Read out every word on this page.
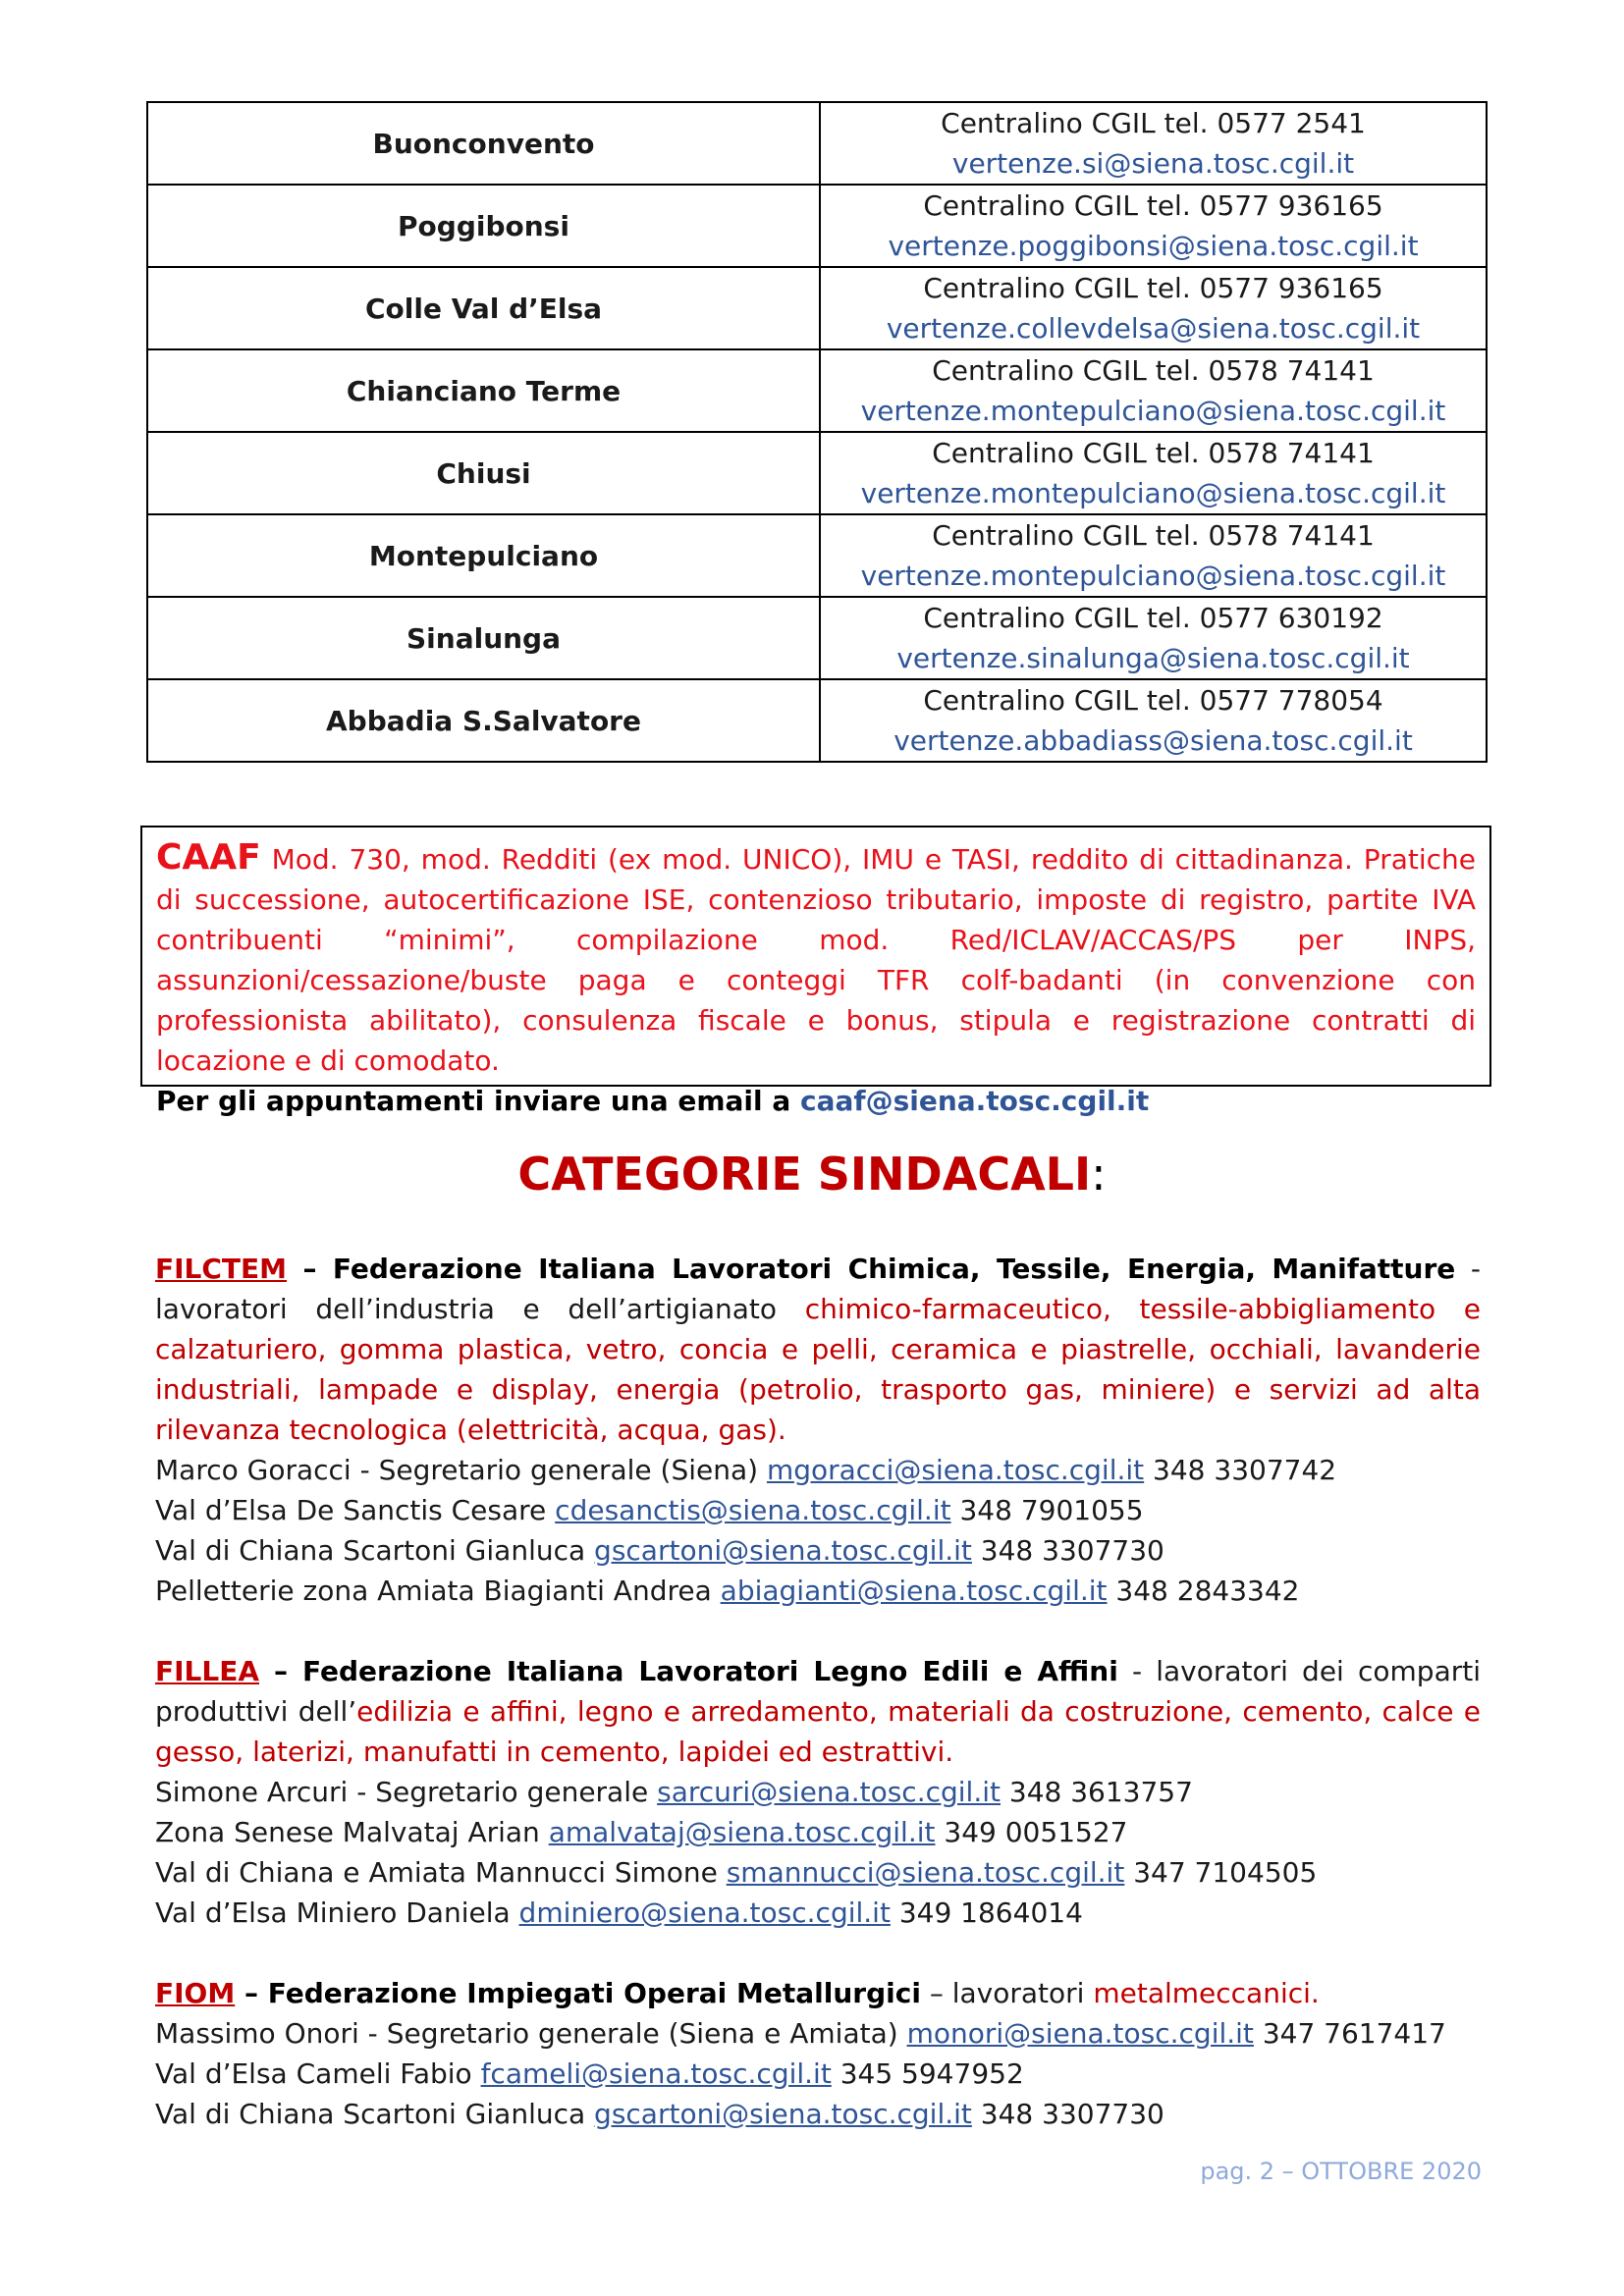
Buonconvento	Centralino CGIL tel. 0577 2541
vertenze.si@siena.tosc.cgil.it

Poggibonsi	Centralino CGIL tel. 0577 936165
vertenze.poggibonsi@siena.tosc.cgil.it

Colle Val d’Elsa	Centralino CGIL tel. 0577 936165
vertenze.collevdelsa@siena.tosc.cgil.it

Chianciano Terme	Centralino CGIL tel. 0578 74141
vertenze.montepulciano@siena.tosc.cgil.it

Chiusi	Centralino CGIL tel. 0578 74141
vertenze.montepulciano@siena.tosc.cgil.it

Montepulciano	Centralino CGIL tel. 0578 74141
vertenze.montepulciano@siena.tosc.cgil.it

Sinalunga	Centralino CGIL tel. 0577 630192
vertenze.sinalunga@siena.tosc.cgil.it

Abbadia S.Salvatore	Centralino CGIL tel. 0577 778054
vertenze.abbadiass@siena.tosc.cgil.it

CAAF Mod. 730, mod. Redditi (ex mod. UNICO), IMU e TASI, reddito di cittadinanza. Pratiche di successione, autocertificazione ISE, contenzioso tributario, imposte di registro, partite IVA contribuenti “minimi”, compilazione mod. Red/ICLAV/ACCAS/PS per INPS, assunzioni/cessazione/buste paga e conteggi TFR colf-badanti (in convenzione con professionista abilitato), consulenza fiscale e bonus, stipula e registrazione contratti di locazione e di comodato.

Per gli appuntamenti inviare una email a caaf@siena.tosc.cgil.it

CATEGORIE SINDACALI:

FILCTEM – Federazione Italiana Lavoratori Chimica, Tessile, Energia, Manifatture - lavoratori dell’industria e dell’artigianato chimico-farmaceutico, tessile-abbigliamento e calzaturiero, gomma plastica, vetro, concia e pelli, ceramica e piastrelle, occhiali, lavanderie industriali, lampade e display, energia (petrolio, trasporto gas, miniere) e servizi ad alta rilevanza tecnologica (elettricità, acqua, gas).

Marco Goracci - Segretario generale (Siena) mgoracci@siena.tosc.cgil.it 348 3307742

Val d’Elsa De Sanctis Cesare cdesanctis@siena.tosc.cgil.it 348 7901055

Val di Chiana Scartoni Gianluca gscartoni@siena.tosc.cgil.it 348 3307730

Pelletterie zona Amiata Biagianti Andrea abiagianti@siena.tosc.cgil.it 348 2843342

FILLEA – Federazione Italiana Lavoratori Legno Edili e Affini - lavoratori dei comparti produttivi dell’edilizia e affini, legno e arredamento, materiali da costruzione, cemento, calce e gesso, laterizi, manufatti in cemento, lapidei ed estrattivi.

Simone Arcuri - Segretario generale sarcuri@siena.tosc.cgil.it 348 3613757

Zona Senese Malvataj Arian amalvataj@siena.tosc.cgil.it 349 0051527

Val di Chiana e Amiata Mannucci Simone smannucci@siena.tosc.cgil.it 347 7104505

Val d’Elsa Miniero Daniela dminiero@siena.tosc.cgil.it 349 1864014

FIOM – Federazione Impiegati Operai Metallurgici – lavoratori metalmeccanici.

Massimo Onori - Segretario generale (Siena e Amiata) monori@siena.tosc.cgil.it 347 7617417

Val d’Elsa Cameli Fabio fcameli@siena.tosc.cgil.it 345 5947952

Val di Chiana Scartoni Gianluca gscartoni@siena.tosc.cgil.it 348 3307730

pag. 2 – OTTOBRE 2020
